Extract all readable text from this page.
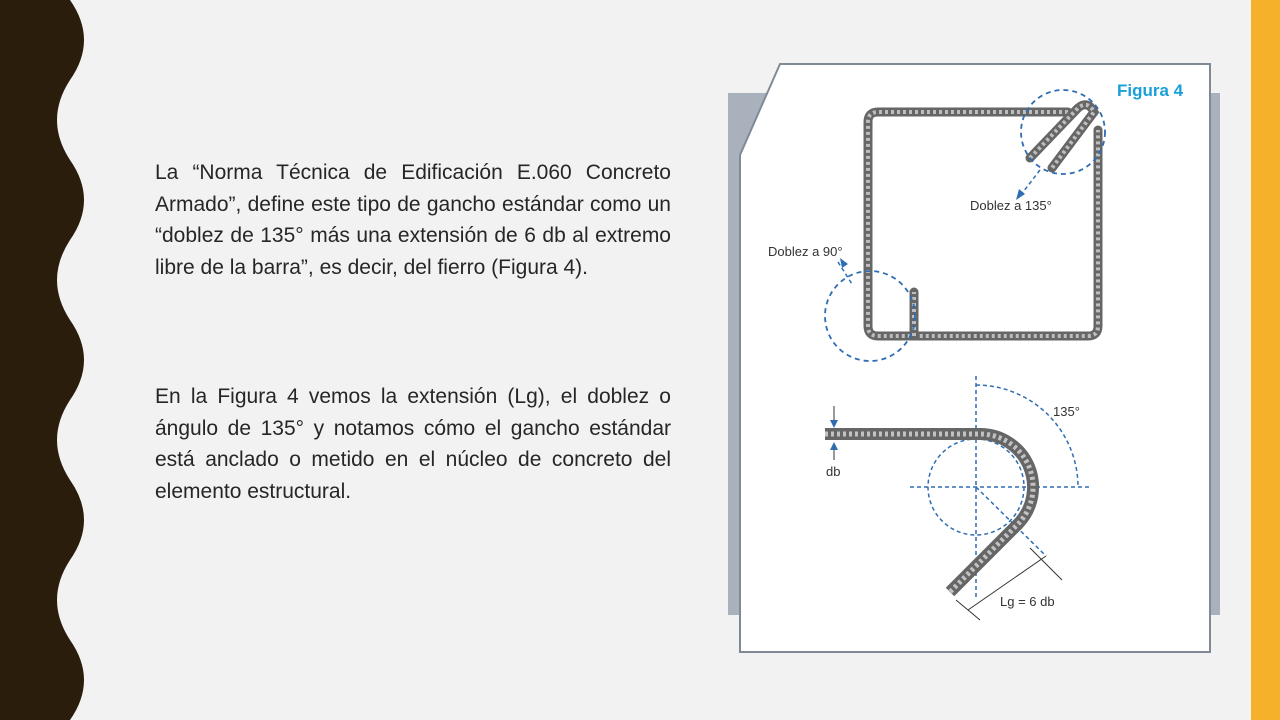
La “Norma Técnica de Edificación E.060 Concreto Armado”, define este tipo de gancho estándar como un “doblez de 135° más una extensión de 6 db al extremo libre de la barra”, es decir, del fierro (Figura 4).

En la Figura 4 vemos la extensión (Lg), el doblez o ángulo de 135° y notamos cómo el gancho estándar está anclado o metido en el núcleo de concreto del elemento estructural.

Figura 4
Doblez a 135°
Doblez a 90°
135°
db
Lg = 6 db
